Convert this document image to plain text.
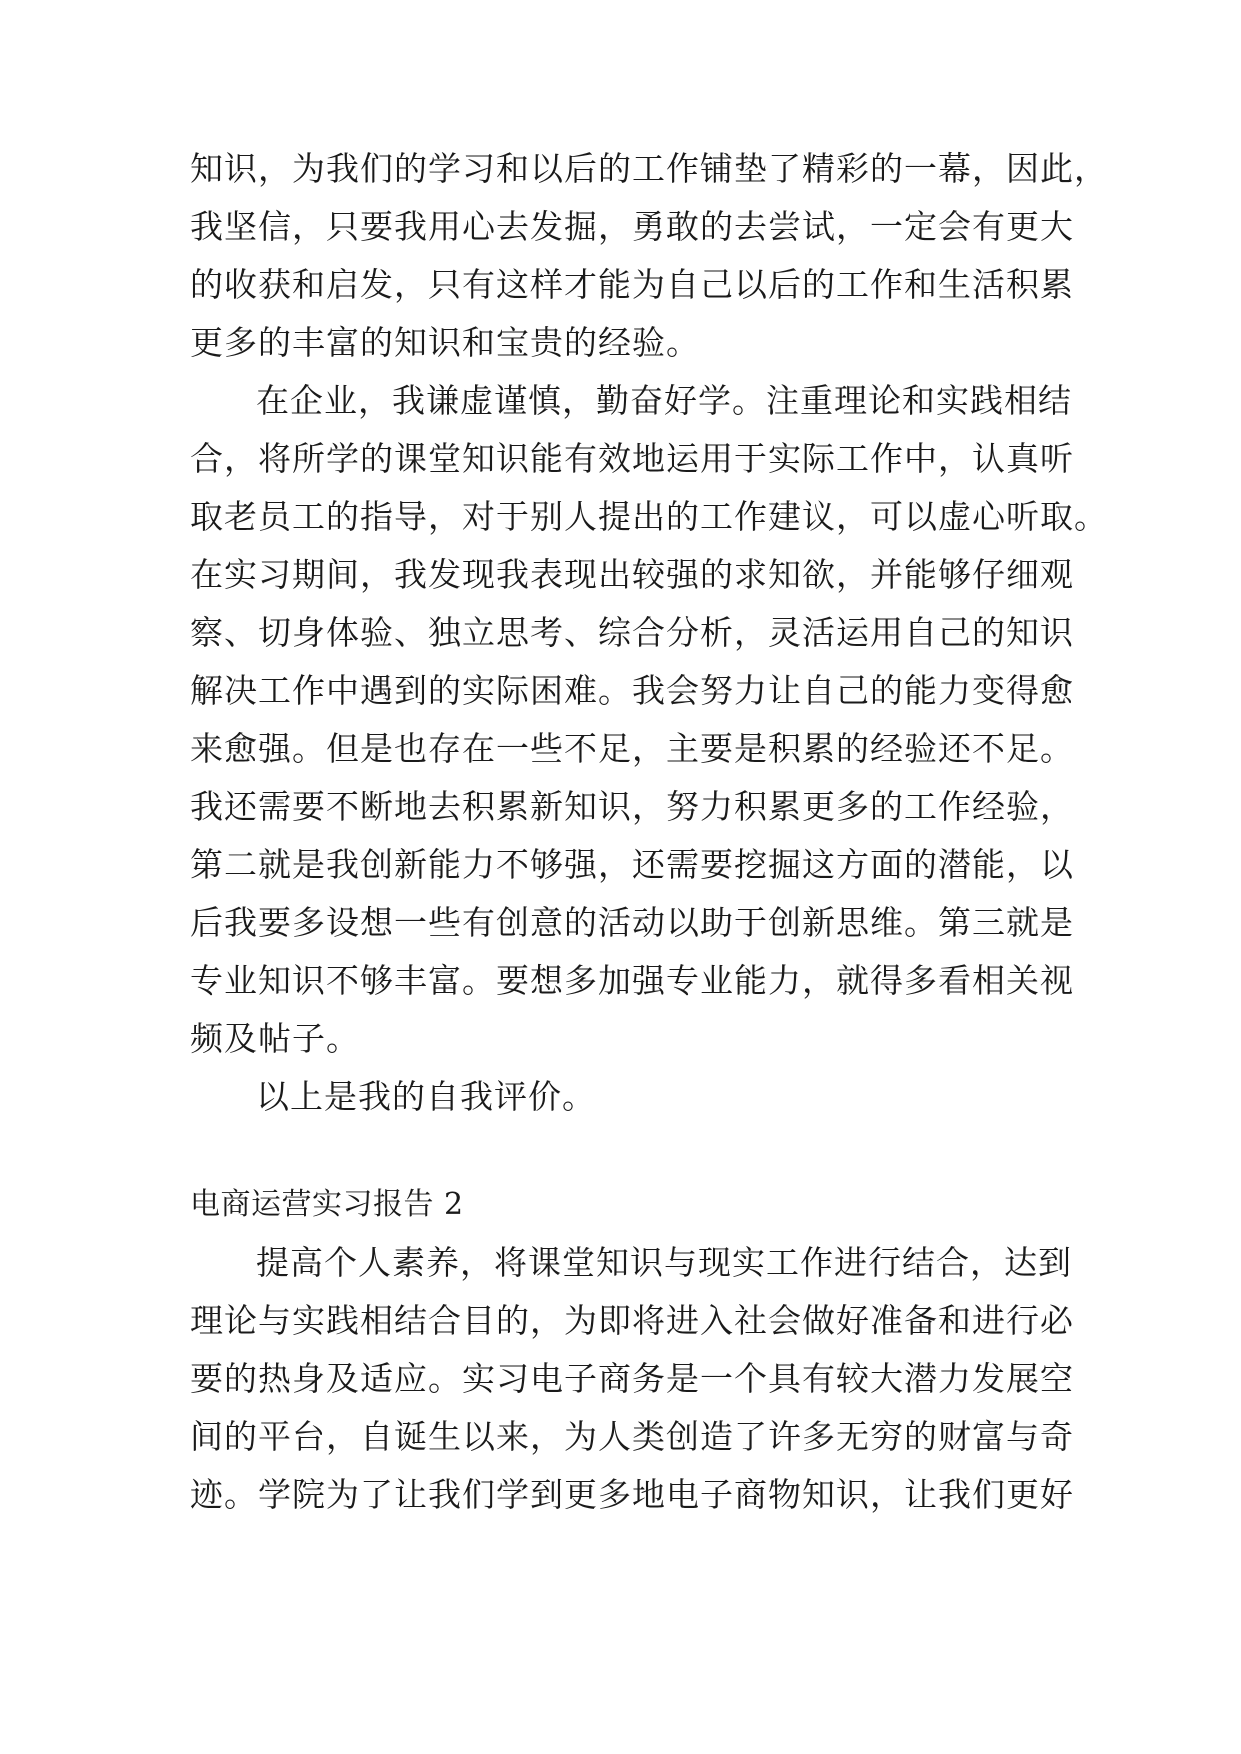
知识，为我们的学习和以后的工作铺垫了精彩的一幕，因此，
我坚信，只要我用心去发掘，勇敢的去尝试，一定会有更大
的收获和启发，只有这样才能为自己以后的工作和生活积累
更多的丰富的知识和宝贵的经验。
在企业，我谦虚谨慎，勤奋好学。注重理论和实践相结
合，将所学的课堂知识能有效地运用于实际工作中，认真听
取老员工的指导，对于别人提出的工作建议，可以虚心听取。
在实习期间，我发现我表现出较强的求知欲，并能够仔细观
察、切身体验、独立思考、综合分析，灵活运用自己的知识
解决工作中遇到的实际困难。我会努力让自己的能力变得愈
来愈强。但是也存在一些不足，主要是积累的经验还不足。
我还需要不断地去积累新知识，努力积累更多的工作经验，
第二就是我创新能力不够强，还需要挖掘这方面的潜能，以
后我要多设想一些有创意的活动以助于创新思维。第三就是
专业知识不够丰富。要想多加强专业能力，就得多看相关视
频及帖子。
以上是我的自我评价。
电商运营实习报告 2
提高个人素养，将课堂知识与现实工作进行结合，达到
理论与实践相结合目的，为即将进入社会做好准备和进行必
要的热身及适应。实习电子商务是一个具有较大潜力发展空
间的平台，自诞生以来，为人类创造了许多无穷的财富与奇
迹。学院为了让我们学到更多地电子商物知识，让我们更好
